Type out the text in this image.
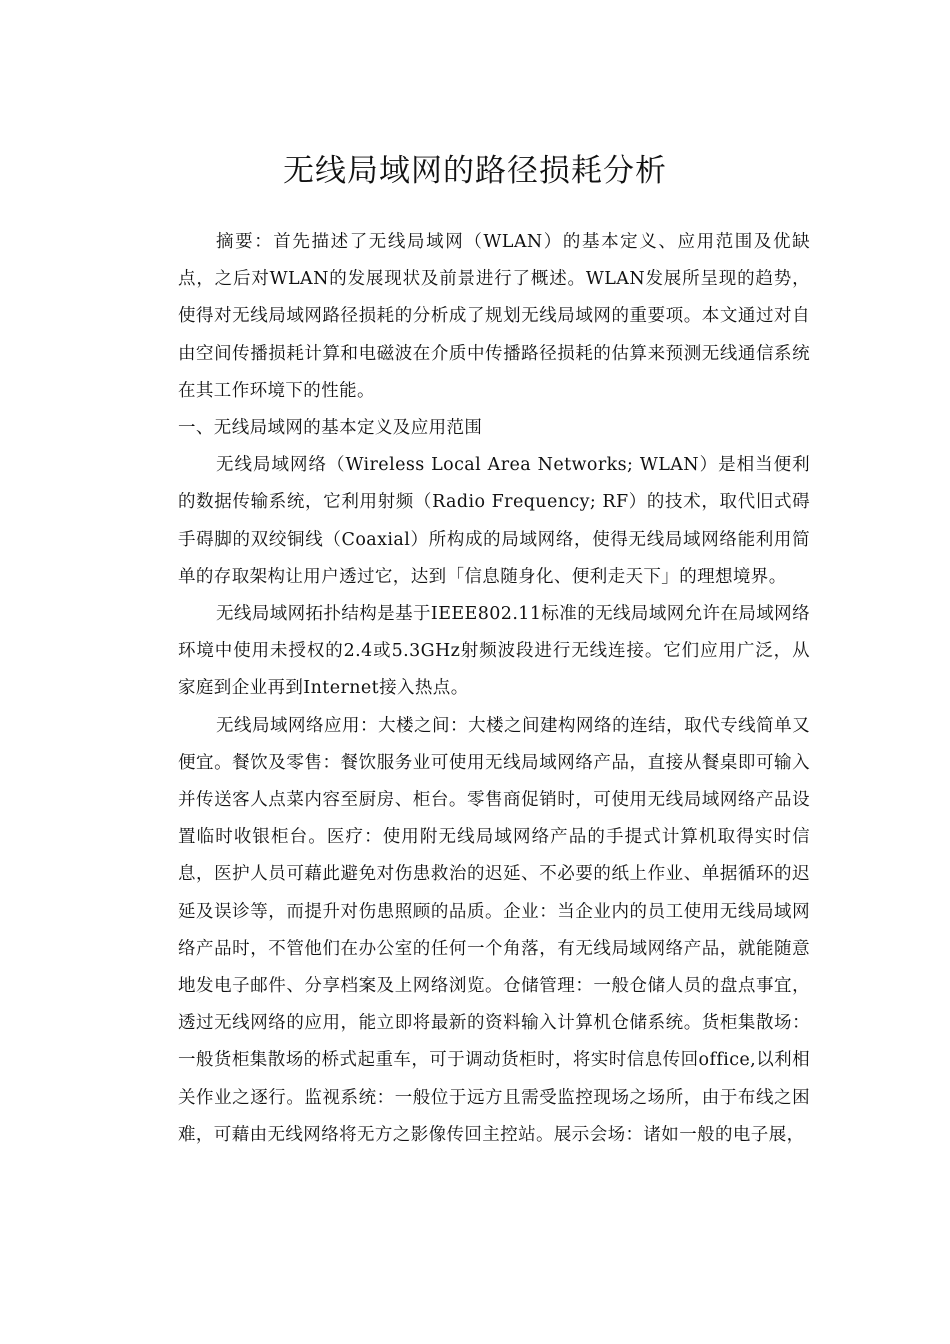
无线局域网的路径损耗分析

摘要：首先描述了无线局域网（WLAN）的基本定义、应用范围及优缺点，之后对WLAN的发展现状及前景进行了概述。WLAN发展所呈现的趋势，使得对无线局域网路径损耗的分析成了规划无线局域网的重要项。本文通过对自由空间传播损耗计算和电磁波在介质中传播路径损耗的估算来预测无线通信系统在其工作环境下的性能。

一、无线局域网的基本定义及应用范围

无线局域网络（Wireless Local Area Networks; WLAN）是相当便利的数据传输系统，它利用射频（Radio Frequency; RF）的技术，取代旧式碍手碍脚的双绞铜线（Coaxial）所构成的局域网络，使得无线局域网络能利用简单的存取架构让用户透过它，达到「信息随身化、便利走天下」的理想境界。

无线局域网拓扑结构是基于IEEE802.11标准的无线局域网允许在局域网络环境中使用未授权的2.4或5.3GHz射频波段进行无线连接。它们应用广泛，从家庭到企业再到Internet接入热点。

无线局域网络应用：大楼之间：大楼之间建构网络的连结，取代专线简单又便宜。餐饮及零售：餐饮服务业可使用无线局域网络产品，直接从餐桌即可输入并传送客人点菜内容至厨房、柜台。零售商促销时，可使用无线局域网络产品设置临时收银柜台。医疗：使用附无线局域网络产品的手提式计算机取得实时信息，医护人员可藉此避免对伤患救治的迟延、不必要的纸上作业、单据循环的迟延及误诊等，而提升对伤患照顾的品质。企业：当企业内的员工使用无线局域网络产品时，不管他们在办公室的任何一个角落，有无线局域网络产品，就能随意地发电子邮件、分享档案及上网络浏览。仓储管理：一般仓储人员的盘点事宜，透过无线网络的应用，能立即将最新的资料输入计算机仓储系统。货柜集散场：一般货柜集散场的桥式起重车，可于调动货柜时，将实时信息传回office,以利相关作业之逐行。监视系统：一般位于远方且需受监控现场之场所，由于布线之困难，可藉由无线网络将无方之影像传回主控站。展示会场：诸如一般的电子展，
